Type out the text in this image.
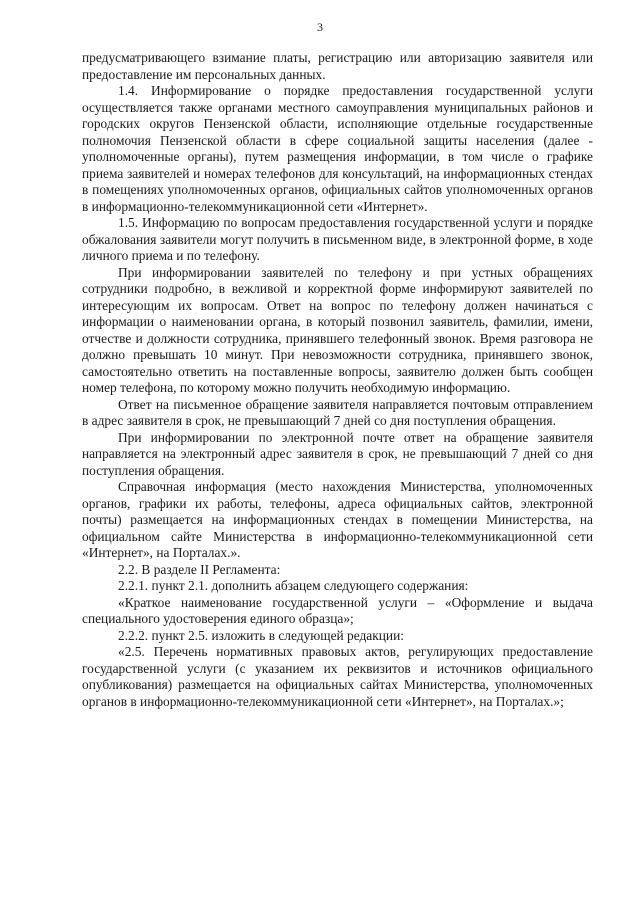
3

предусматривающего взимание платы, регистрацию или авторизацию заявителя или предоставление им персональных данных.

1.4. Информирование о порядке предоставления государственной услуги осуществляется также органами местного самоуправления муниципальных районов и городских округов Пензенской области, исполняющие отдельные государственные полномочия Пензенской области в сфере социальной защиты населения (далее - уполномоченные органы), путем размещения информации, в том числе о графике приема заявителей и номерах телефонов для консультаций, на информационных стендах в помещениях уполномоченных органов, официальных сайтов уполномоченных органов в информационно-телекоммуникационной сети «Интернет».

1.5. Информацию по вопросам предоставления государственной услуги и порядке обжалования заявители могут получить в письменном виде, в электронной форме, в ходе личного приема и по телефону.

При информировании заявителей по телефону и при устных обращениях сотрудники подробно, в вежливой и корректной форме информируют заявителей по интересующим их вопросам. Ответ на вопрос по телефону должен начинаться с информации о наименовании органа, в который позвонил заявитель, фамилии, имени, отчестве и должности сотрудника, принявшего телефонный звонок. Время разговора не должно превышать 10 минут. При невозможности сотрудника, принявшего звонок, самостоятельно ответить на поставленные вопросы, заявителю должен быть сообщен номер телефона, по которому можно получить необходимую информацию.

Ответ на письменное обращение заявителя направляется почтовым отправлением в адрес заявителя в срок, не превышающий 7 дней со дня поступления обращения.

При информировании по электронной почте ответ на обращение заявителя направляется на электронный адрес заявителя в срок, не превышающий 7 дней со дня поступления обращения.

Справочная информация (место нахождения Министерства, уполномоченных органов, графики их работы, телефоны, адреса официальных сайтов, электронной почты) размещается на информационных стендах в помещении Министерства, на официальном сайте Министерства в информационно-телекоммуникационной сети «Интернет», на Порталах.».

2.2. В разделе II Регламента:

2.2.1. пункт 2.1. дополнить абзацем следующего содержания:

«Краткое наименование государственной услуги – «Оформление и выдача специального удостоверения единого образца»;

2.2.2. пункт 2.5. изложить в следующей редакции:

«2.5. Перечень нормативных правовых актов, регулирующих предоставление государственной услуги (с указанием их реквизитов и источников официального опубликования) размещается на официальных сайтах Министерства, уполномоченных органов в информационно-телекоммуникационной сети «Интернет», на Порталах.»;
